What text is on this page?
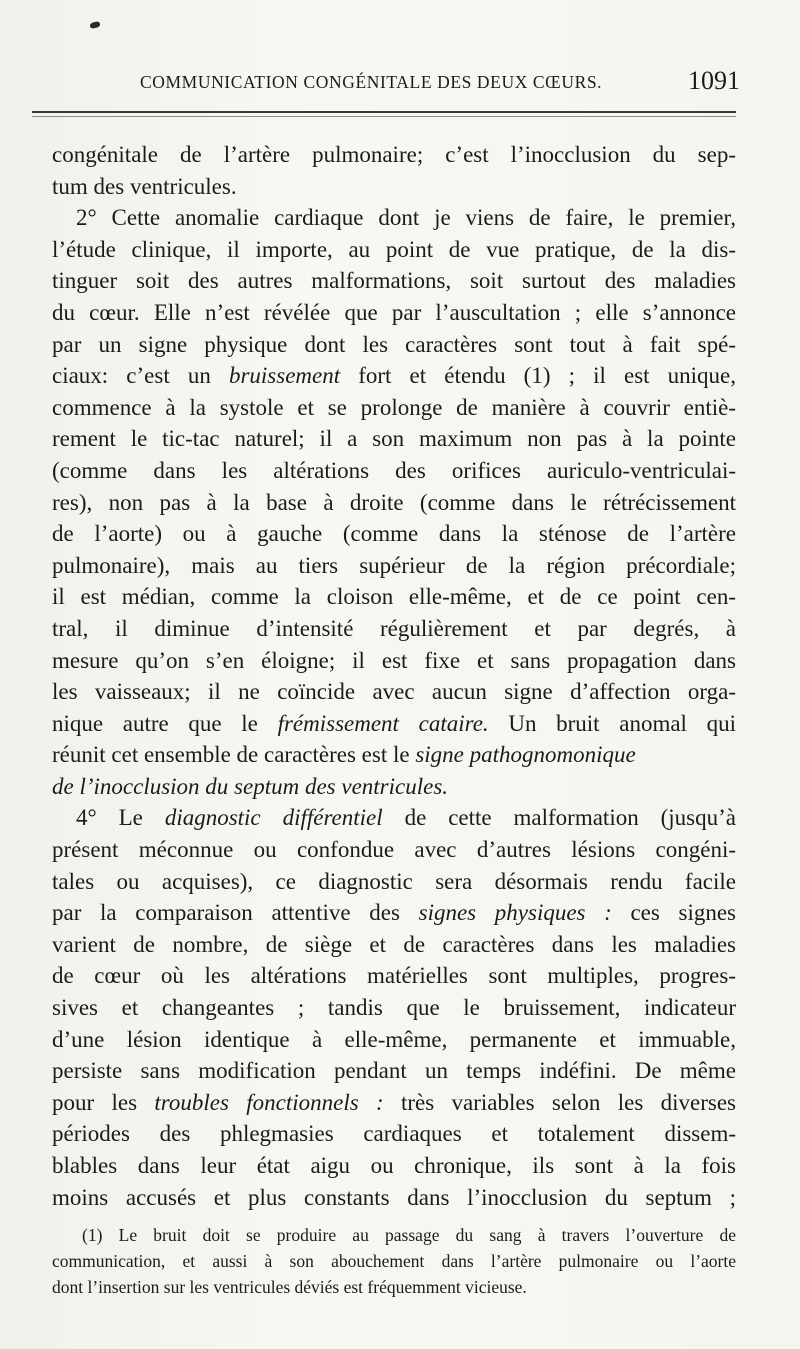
COMMUNICATION CONGÉNITALE DES DEUX CŒURS.	1091
congénitale de l’artère pulmonaire; c’est l’inocclusion du sep-
tum des ventricules.
2° Cette anomalie cardiaque dont je viens de faire, le premier,
l’étude clinique, il importe, au point de vue pratique, de la dis-
tinguer soit des autres malformations, soit surtout des maladies
du cœur. Elle n’est révélée que par l’auscultation ; elle s’annonce
par un signe physique dont les caractères sont tout à fait spé-
ciaux: c’est un bruissement fort et étendu (1) ; il est unique,
commence à la systole et se prolonge de manière à couvrir entiè-
rement le tic-tac naturel; il a son maximum non pas à la pointe
(comme dans les altérations des orifices auriculo-ventriculai-
res), non pas à la base à droite (comme dans le rétrécissement
de l’aorte) ou à gauche (comme dans la sténose de l’artère
pulmonaire), mais au tiers supérieur de la région précordiale;
il est médian, comme la cloison elle-même, et de ce point cen-
tral, il diminue d’intensité régulièrement et par degrés, à
mesure qu’on s’en éloigne; il est fixe et sans propagation dans
les vaisseaux; il ne coïncide avec aucun signe d’affection orga-
nique autre que le frémissement cataire. Un bruit anomal qui
réunit cet ensemble de caractères est le signe pathognomonique
de l’inocclusion du septum des ventricules.
4° Le diagnostic différentiel de cette malformation (jusqu’à
présent méconnue ou confondue avec d’autres lésions congéni-
tales ou acquises), ce diagnostic sera désormais rendu facile
par la comparaison attentive des signes physiques : ces signes
varient de nombre, de siège et de caractères dans les maladies
de cœur où les altérations matérielles sont multiples, progres-
sives et changeantes ; tandis que le bruissement, indicateur
d’une lésion identique à elle-même, permanente et immuable,
persiste sans modification pendant un temps indéfini. De même
pour les troubles fonctionnels : très variables selon les diverses
périodes des phlegmasies cardiaques et totalement dissem-
blables dans leur état aigu ou chronique, ils sont à la fois
moins accusés et plus constants dans l’inocclusion du septum ;
(1) Le bruit doit se produire au passage du sang à travers l’ouverture de
communication, et aussi à son abouchement dans l’artère pulmonaire ou l’aorte
dont l’insertion sur les ventricules déviés est fréquemment vicieuse.
